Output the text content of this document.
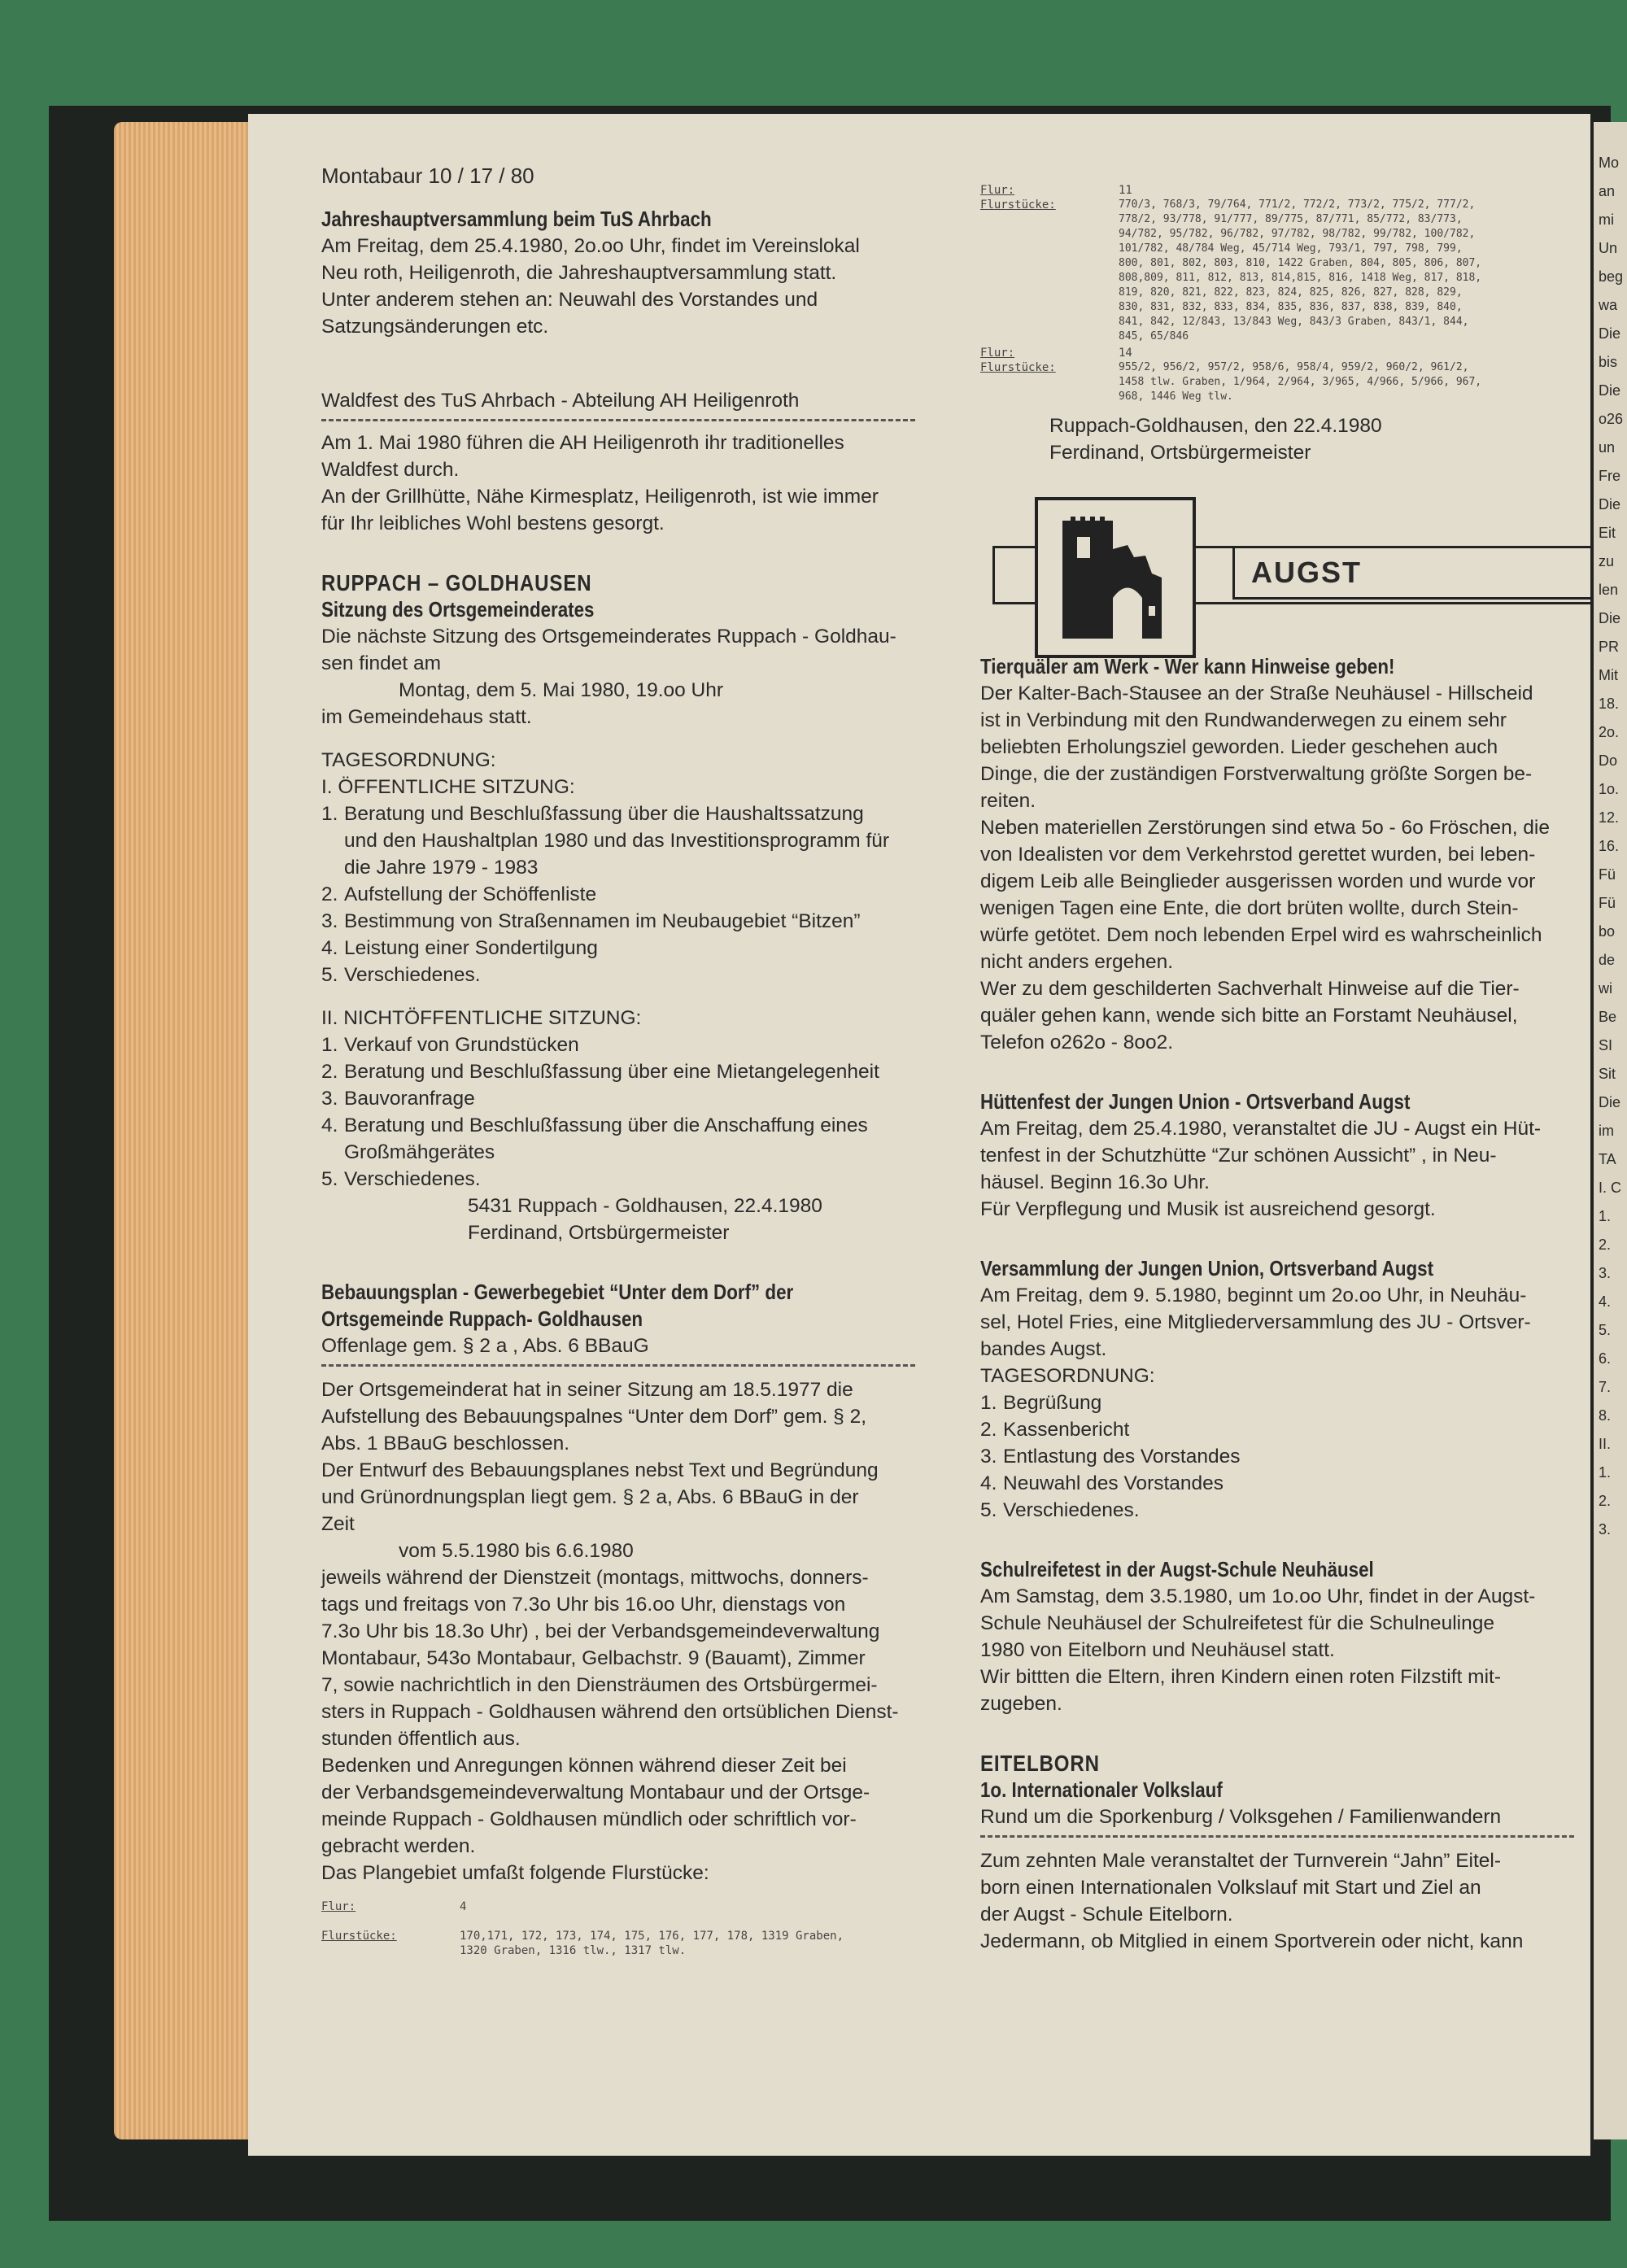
Montabaur 10 / 17 / 80

Jahreshauptversammlung beim TuS Ahrbach

Am Freitag, dem 25.4.1980, 2o.oo Uhr, findet im Vereinslokal

Neu roth, Heiligenroth, die Jahreshauptversammlung statt.

Unter anderem stehen an: Neuwahl des Vorstandes und

Satzungsänderungen etc.

Waldfest des TuS Ahrbach - Abteilung AH Heiligenroth

Am 1. Mai 1980 führen die AH Heiligenroth ihr traditionelles

Waldfest durch.

An der Grillhütte, Nähe Kirmesplatz, Heiligenroth, ist wie immer

für Ihr leibliches Wohl bestens gesorgt.

RUPPACH – GOLDHAUSEN

Sitzung des Ortsgemeinderates

Die nächste Sitzung des Ortsgemeinderates Ruppach - Goldhau-

sen findet am

Montag, dem 5. Mai 1980, 19.oo Uhr

im Gemeindehaus statt.

TAGESORDNUNG:

I. ÖFFENTLICHE SITZUNG:

1. Beratung und Beschlußfassung über die Haushaltssatzung
und den Haushaltplan 1980 und das Investitionsprogramm für
die Jahre 1979 - 1983
2. Aufstellung der Schöffenliste
3. Bestimmung von Straßennamen im Neubaugebiet “Bitzen”
4. Leistung einer Sondertilgung
5. Verschiedenes.

II. NICHTÖFFENTLICHE SITZUNG:

1. Verkauf von Grundstücken
2. Beratung und Beschlußfassung über eine Mietangelegenheit
3. Bauvoranfrage
4. Beratung und Beschlußfassung über die Anschaffung eines
Großmähgerätes
5. Verschiedenes.

5431 Ruppach - Goldhausen, 22.4.1980

Ferdinand, Ortsbürgermeister

Bebauungsplan - Gewerbegebiet “Unter dem Dorf” der

Ortsgemeinde Ruppach- Goldhausen

Offenlage gem. § 2 a , Abs. 6 BBauG

Der Ortsgemeinderat hat in seiner Sitzung am 18.5.1977 die

Aufstellung des Bebauungspalnes “Unter dem Dorf” gem. § 2,

Abs. 1 BBauG beschlossen.

Der Entwurf des Bebauungsplanes nebst Text und Begründung

und Grünordnungsplan liegt gem. § 2 a, Abs. 6 BBauG in der

Zeit

vom 5.5.1980 bis 6.6.1980

jeweils während der Dienstzeit (montags, mittwochs, donners-

tags und freitags von 7.3o Uhr bis 16.oo Uhr, dienstags von

7.3o Uhr bis 18.3o Uhr) , bei der Verbandsgemeindeverwaltung

Montabaur, 543o Montabaur, Gelbachstr. 9 (Bauamt), Zimmer

7, sowie nachrichtlich in den Diensträumen des Ortsbürgermei-

sters in Ruppach - Goldhausen während den ortsüblichen Dienst-

stunden öffentlich aus.

Bedenken und Anregungen können während dieser Zeit bei

der Verbandsgemeindeverwaltung Montabaur und der Ortsge-

meinde Ruppach - Goldhausen mündlich oder schriftlich vor-

gebracht werden.

Das Plangebiet umfaßt folgende Flurstücke:

Flur:	4
Flurstücke:	170,171, 172, 173, 174, 175, 176, 177, 178, 1319 Graben,
1320 Graben, 1316 tlw., 1317 tlw.
Flur:	11
Flurstücke:	770/3, 768/3, 79/764, 771/2, 772/2, 773/2, 775/2, 777/2,
778/2, 93/778, 91/777, 89/775, 87/771, 85/772, 83/773,
94/782, 95/782, 96/782, 97/782, 98/782, 99/782, 100/782,
101/782, 48/784 Weg, 45/714 Weg, 793/1, 797, 798, 799,
800, 801, 802, 803, 810, 1422 Graben, 804, 805, 806, 807,
808,809, 811, 812, 813, 814,815, 816, 1418 Weg, 817, 818,
819, 820, 821, 822, 823, 824, 825, 826, 827, 828, 829,
830, 831, 832, 833, 834, 835, 836, 837, 838, 839, 840,
841, 842, 12/843, 13/843 Weg, 843/3 Graben, 843/1, 844,
845, 65/846
Flur:	14
Flurstücke:	955/2, 956/2, 957/2, 958/6, 958/4, 959/2, 960/2, 961/2,
1458 tlw. Graben, 1/964, 2/964, 3/965, 4/966, 5/966, 967,
968, 1446 Weg tlw.

Ruppach-Goldhausen, den 22.4.1980

Ferdinand, Ortsbürgermeister

AUGST

Tierquäler am Werk - Wer kann Hinweise geben!

Der Kalter-Bach-Stausee an der Straße Neuhäusel - Hillscheid

ist in Verbindung mit den Rundwanderwegen zu einem sehr

beliebten Erholungsziel geworden. Lieder geschehen auch

Dinge, die der zuständigen Forstverwaltung größte Sorgen be-

reiten.

Neben materiellen Zerstörungen sind etwa 5o - 6o Fröschen, die

von Idealisten vor dem Verkehrstod gerettet wurden, bei leben-

digem Leib alle Beinglieder ausgerissen worden und wurde vor

wenigen Tagen eine Ente, die dort brüten wollte, durch Stein-

würfe getötet. Dem noch lebenden Erpel wird es wahrscheinlich

nicht anders ergehen.

Wer zu dem geschilderten Sachverhalt Hinweise auf die Tier-

quäler gehen kann, wende sich bitte an Forstamt Neuhäusel,

Telefon o262o - 8oo2.

Hüttenfest der Jungen Union - Ortsverband Augst

Am Freitag, dem 25.4.1980, veranstaltet die JU - Augst ein Hüt-

tenfest in der Schutzhütte “Zur schönen Aussicht” , in Neu-

häusel. Beginn 16.3o Uhr.

Für Verpflegung und Musik ist ausreichend gesorgt.

Versammlung der Jungen Union, Ortsverband Augst

Am Freitag, dem 9. 5.1980, beginnt um 2o.oo Uhr, in Neuhäu-

sel, Hotel Fries, eine Mitgliederversammlung des JU - Ortsver-

bandes Augst.

TAGESORDNUNG:

1. Begrüßung
2. Kassenbericht
3. Entlastung des Vorstandes
4. Neuwahl des Vorstandes
5. Verschiedenes.

Schulreifetest in der Augst-Schule Neuhäusel

Am Samstag, dem 3.5.1980, um 1o.oo Uhr, findet in der Augst-

Schule Neuhäusel der Schulreifetest für die Schulneulinge

1980 von Eitelborn und Neuhäusel statt.

Wir bittten die Eltern, ihren Kindern einen roten Filzstift mit-

zugeben.

EITELBORN

1o. Internationaler Volkslauf

Rund um die Sporkenburg / Volksgehen / Familienwandern

Zum zehnten Male veranstaltet der Turnverein “Jahn” Eitel-

born einen Internationalen Volkslauf mit Start und Ziel an

der Augst - Schule Eitelborn.

Jedermann, ob Mitglied in einem Sportverein oder nicht, kann

Mo
an
mi
Un
beg
wa
Die
bis
Die
o26
un
Fre
Die
Eit
zu
len
Die
PR
Mit
18.
2o.
Do
1o.
12.
16.
Fü
Fü
bo
de
wi
Be
SI
Sit
Die
im
TA
I. C
1.
2.
3.
4.
5.
6.
7.
8.
II.
1.
2.
3.
